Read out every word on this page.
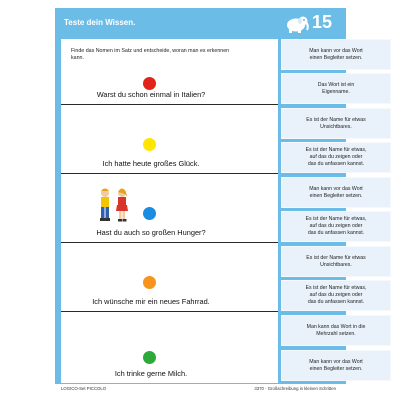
Teste dein Wissen.	15
Finde das Nomen im Satz und entscheide, woran man es erkennen kann.
Warst du schon einmal in Italien?
Ich hatte heute großes Glück.
Hast du auch so großen Hunger?
Ich wünsche mir ein neues Fahrrad.
Ich trinke gerne Milch.
Man kann vor das Wort
einen Begleiter setzen.
Das Wort ist ein
Eigenname.
Es ist der Name für etwas
Unsichtbares.
Es ist der Name für etwas,
auf das du zeigen oder
das du anfassen kannst.
Man kann vor das Wort
einen Begleiter setzen.
Es ist der Name für etwas,
auf das du zeigen oder
das du anfassen kannst.
Es ist der Name für etwas
Unsichtbares.
Es ist der Name für etwas,
auf das du zeigen oder
das du anfassen kannst.
Man kann das Wort in die
Mehrzahl setzen.
Man kann vor das Wort
einen Begleiter setzen.
LOGICO-Set PICCOLO	3370 · Großschreibung in kleinen Schritten
